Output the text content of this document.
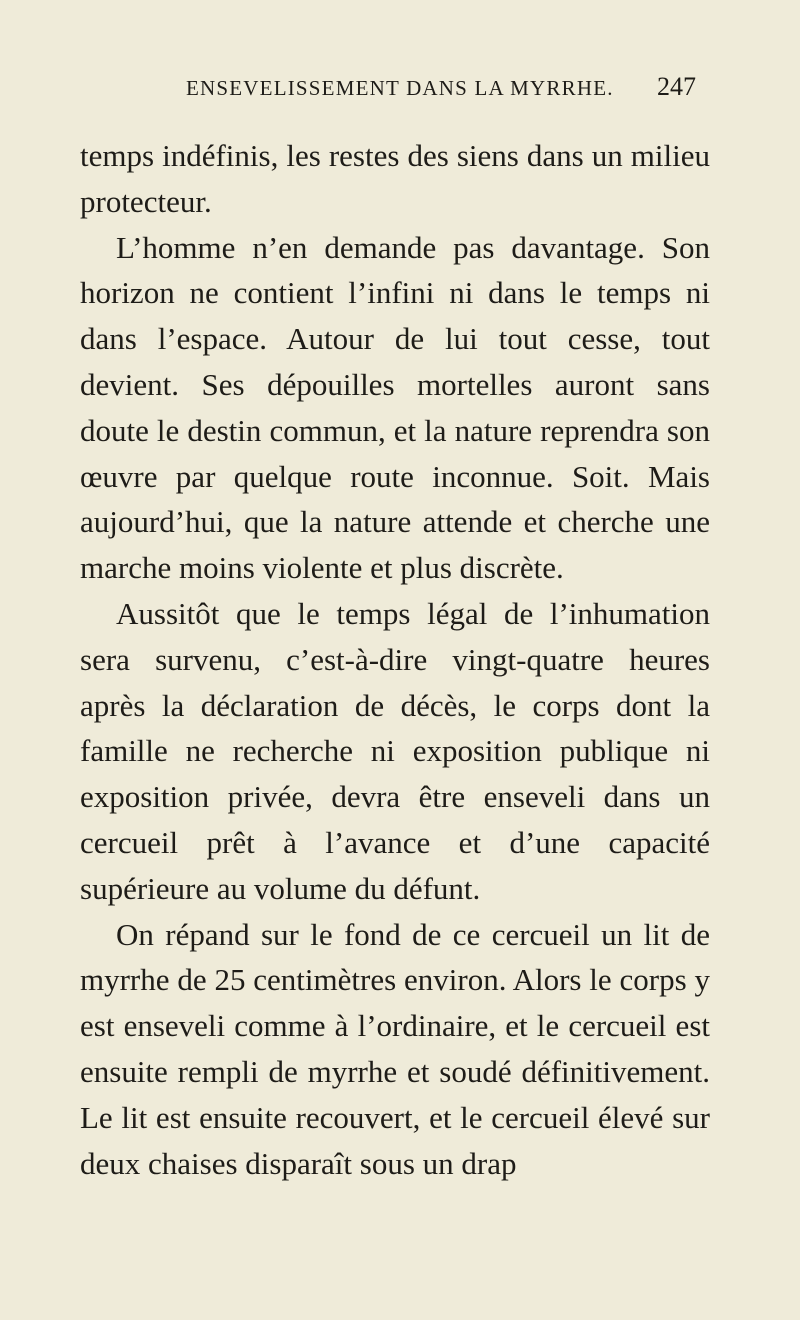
ENSEVELISSEMENT DANS LA MYRRHE. 247

temps indéfinis, les restes des siens dans un milieu protecteur.

L’homme n’en demande pas davantage. Son horizon ne contient l’infini ni dans le temps ni dans l’espace. Autour de lui tout cesse, tout devient. Ses dépouilles mortelles auront sans doute le destin commun, et la nature reprendra son œuvre par quelque route inconnue. Soit. Mais aujourd’hui, que la nature attende et cherche une marche moins violente et plus discrète.

Aussitôt que le temps légal de l’inhumation sera survenu, c’est-à-dire vingt-quatre heures après la déclaration de décès, le corps dont la famille ne recherche ni exposition publique ni exposition privée, devra être enseveli dans un cercueil prêt à l’avance et d’une capacité supérieure au volume du défunt.

On répand sur le fond de ce cercueil un lit de myrrhe de 25 centimètres environ. Alors le corps y est enseveli comme à l’ordinaire, et le cercueil est ensuite rempli de myrrhe et soudé définitivement. Le lit est ensuite recouvert, et le cercueil élevé sur deux chaises disparaît sous un drap
